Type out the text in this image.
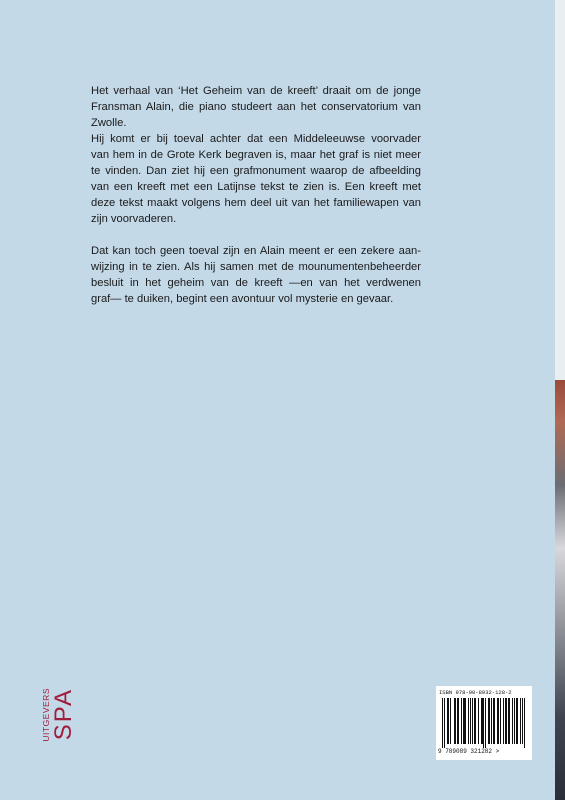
Het verhaal van ‘Het Geheim van de kreeft’ draait om de jonge
Fransman Alain, die piano studeert aan het conservatorium van
Zwolle.
Hij komt er bij toeval achter dat een Middeleeuwse voorvader
van hem in de Grote Kerk begraven is, maar het graf is niet meer
te vinden. Dan ziet hij een grafmonument waarop de afbeelding
van een kreeft met een Latijnse tekst te zien is. Een kreeft met
deze tekst maakt volgens hem deel uit van het familiewapen van
zijn voorvaderen.

Dat kan toch geen toeval zijn en Alain meent er een zekere aan-
wijzing in te zien. Als hij samen met de mounumentenbeheerder
besluit in het geheim van de kreeft —en van het verdwenen
graf— te duiken, begint een avontuur vol mysterie en gevaar.

UITGEVERS SPA	ISBN 978-90-8932-128-2
9 789089 321282 >
